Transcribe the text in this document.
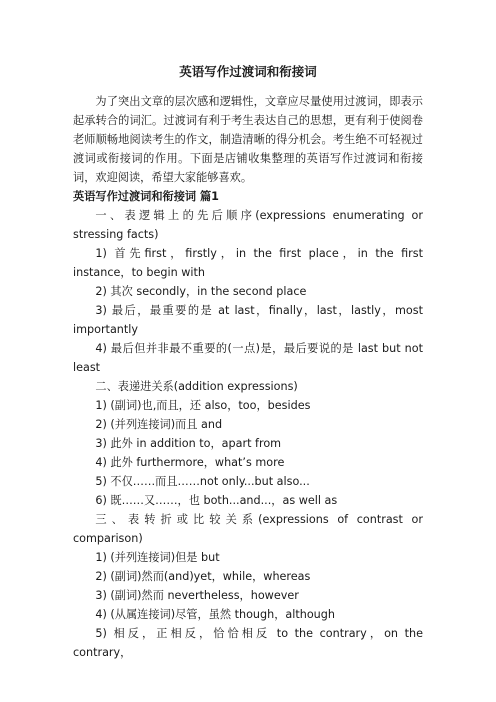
英语写作过渡词和衔接词

为了突出文章的层次感和逻辑性，文章应尽量使用过渡词，即表示起承转合的词汇。过渡词有利于考生表达自己的思想，更有利于使阅卷老师顺畅地阅读考生的作文，制造清晰的得分机会。考生绝不可轻视过渡词或衔接词的作用。下面是店铺收集整理的英语写作过渡词和衔接词，欢迎阅读，希望大家能够喜欢。

英语写作过渡词和衔接词 篇1

一、表逻辑上的先后顺序(expressions enumerating or stressing facts)

1) 首先first，firstly，in the first place，in the first instance，to begin with

2) 其次 secondly，in the second place

3) 最后，最重要的是 at last，finally，last，lastly，most importantly

4) 最后但并非最不重要的(一点)是，最后要说的是 last but not least

二、表递进关系(addition expressions)

1) (副词)也,而且，还 also，too，besides

2) (并列连接词)而且 and

3) 此外 in addition to，apart from

4) 此外 furthermore，what’s more

5) 不仅……而且……not only...but also...

6) 既……又……，也 both...and...，as well as

三、表转折或比较关系(expressions of contrast or comparison)

1) (并列连接词)但是 but

2) (副词)然而(and)yet，while，whereas

3) (副词)然而 nevertheless，however

4) (从属连接词)尽管，虽然 though，although

5) 相反，正相反，恰恰相反 to the contrary，on the contrary，
